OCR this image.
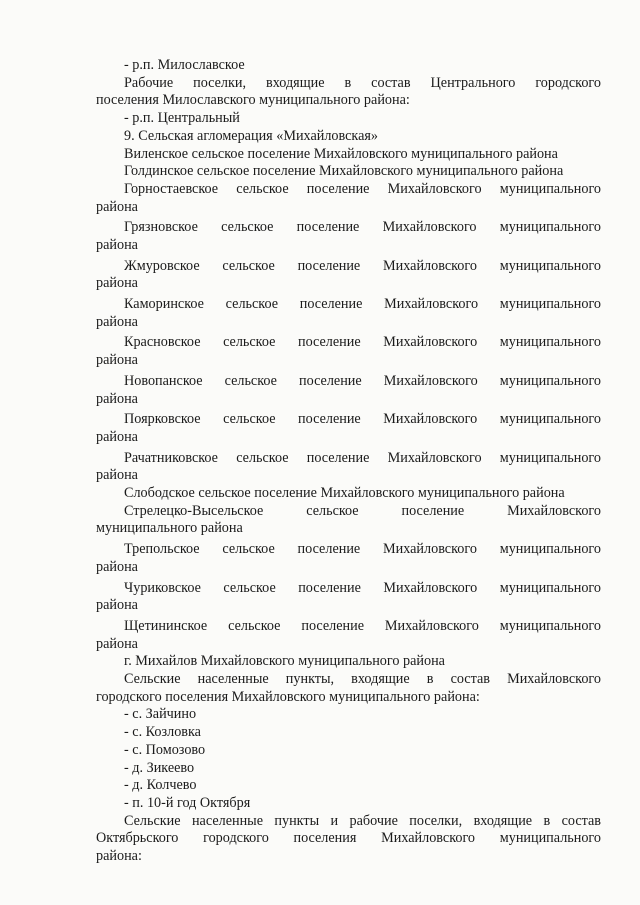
- р.п. Милославское

Рабочие поселки, входящие в состав Центрального городского

поселения Милославского муниципального района:

- р.п. Центральный

9. Сельская агломерация «Михайловская»

Виленское сельское поселение Михайловского муниципального района

Голдинское сельское поселение Михайловского муниципального района

Горностаевское сельское поселение Михайловского муниципального

района

Грязновское сельское поселение Михайловского муниципального

района

Жмуровское сельское поселение Михайловского муниципального

района

Камоpинское сельское поселение Михайловского муниципального

района

Красновское сельское поселение Михайловского муниципального

района

Новопанское сельское поселение Михайловского муниципального

района

Поярковское сельское поселение Михайловского муниципального

района

Рачатниковское сельское поселение Михайловского муниципального

района

Слободское сельское поселение Михайловского муниципального района

Стрелецко-Высельское сельское поселение Михайловского

муниципального района

Трепольское сельское поселение Михайловского муниципального

района

Чуриковское сельское поселение Михайловского муниципального

района

Щетининское сельское поселение Михайловского муниципального

района

г. Михайлов Михайловского муниципального района

Сельские населенные пункты, входящие в состав Михайловского

городского поселения Михайловского муниципального района:

- с. Зайчино

- с. Козловка

- с. Помозово

- д. Зикеево

- д. Колчево

- п. 10-й год Октября

Сельские населенные пункты и рабочие поселки, входящие в состав

Октябрьского городского поселения Михайловского муниципального

района:
